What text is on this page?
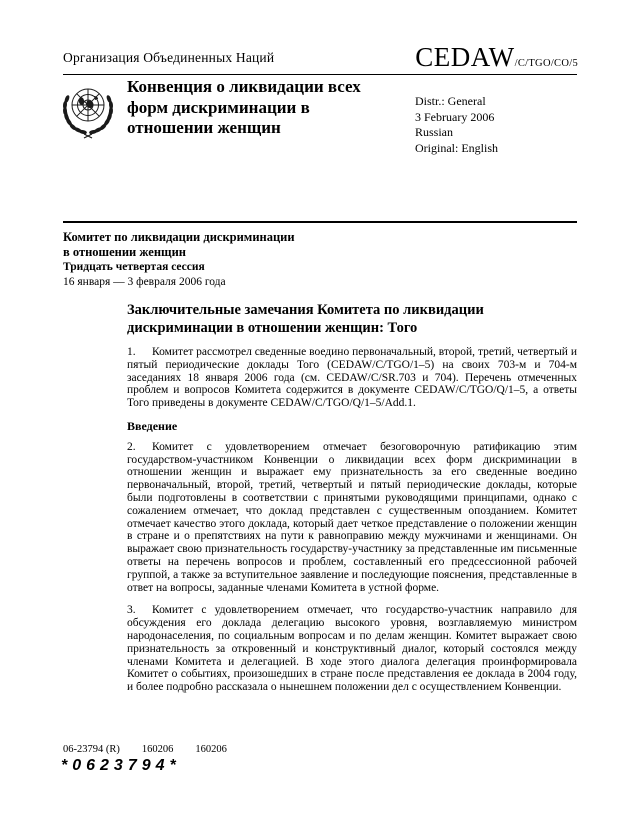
Организация Объединенных Наций	CEDAW/C/TGO/CO/5
Конвенция о ликвидации всех
форм дискриминации в
отношении женщин
Distr.: General
3 February 2006
Russian
Original: English
Комитет по ликвидации дискриминации
в отношении женщин
Тридцать четвертая сессия
16 января — 3 февраля 2006 года
Заключительные замечания Комитета по ликвидации
дискриминации в отношении женщин: Того

1. Комитет рассмотрел сведенные воедино первоначальный, второй, третий, четвертый и пятый периодические доклады Того (CEDAW/C/TGO/1–5) на своих 703-м и 704-м заседаниях 18 января 2006 года (см. CEDAW/C/SR.703 и 704). Перечень отмеченных проблем и вопросов Комитета содержится в документе CEDAW/C/TGO/Q/1–5, а ответы Того приведены в документе CEDAW/C/TGO/Q/1–5/Add.1.

Введение

2. Комитет с удовлетворением отмечает безоговорочную ратификацию этим государством-участником Конвенции о ликвидации всех форм дискриминации в отношении женщин и выражает ему признательность за его сведенные воедино первоначальный, второй, третий, четвертый и пятый периодические доклады, которые были подготовлены в соответствии с принятыми руководящими принципами, однако с сожалением отмечает, что доклад представлен с существенным опозданием. Комитет отмечает качество этого доклада, который дает четкое представление о положении женщин в стране и о препятствиях на пути к равноправию между мужчинами и женщинами. Он выражает свою признательность государству-участнику за представленные им письменные ответы на перечень вопросов и проблем, составленный его предсессионной рабочей группой, а также за вступительное заявление и последующие пояснения, представленные в ответ на вопросы, заданные членами Комитета в устной форме.

3. Комитет с удовлетворением отмечает, что государство-участник направило для обсуждения его доклада делегацию высокого уровня, возглавляемую министром народонаселения, по социальным вопросам и по делам женщин. Комитет выражает свою признательность за откровенный и конструктивный диалог, который состоялся между членами Комитета и делегацией. В ходе этого диалога делегация проинформировала Комитет о событиях, произошедших в стране после представления ее доклада в 2004 году, и более подробно рассказала о нынешнем положении дел с осуществлением Конвенции.

06-23794 (R) 160206 160206
*0623794*
